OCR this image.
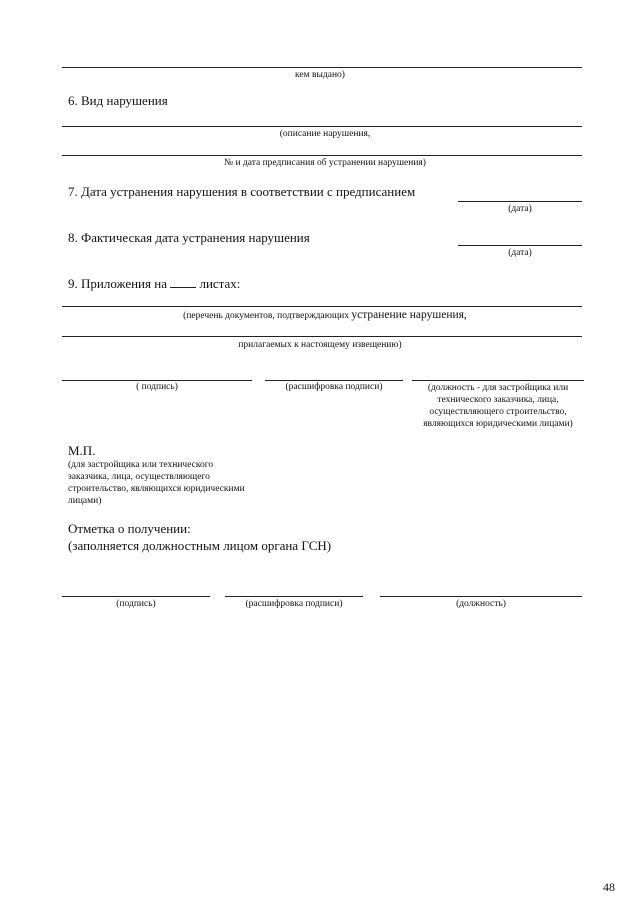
кем выдано)
6. Вид нарушения
(описание нарушения,
№ и дата предписания об устранении нарушения)
7. Дата устранения нарушения в соответствии с предписанием
(дата)
8. Фактическая дата устранения нарушения
(дата)
9. Приложения на	листах:
(перечень документов, подтверждающих устранение нарушения,
прилагаемых к настоящему извещению)
( подпись)	(расшифровка подписи)	(должность - для застройщика или технического заказчика, лица, осуществляющего строительство, являющихся юридическими лицами)
М.П.
(для застройщика или технического заказчика, лица, осуществляющего строительство, являющихся юридическими лицами)
Отметка о получении:
(заполняется должностным лицом органа ГСН)
(подпись)	(расшифровка подписи)	(должность)
48
